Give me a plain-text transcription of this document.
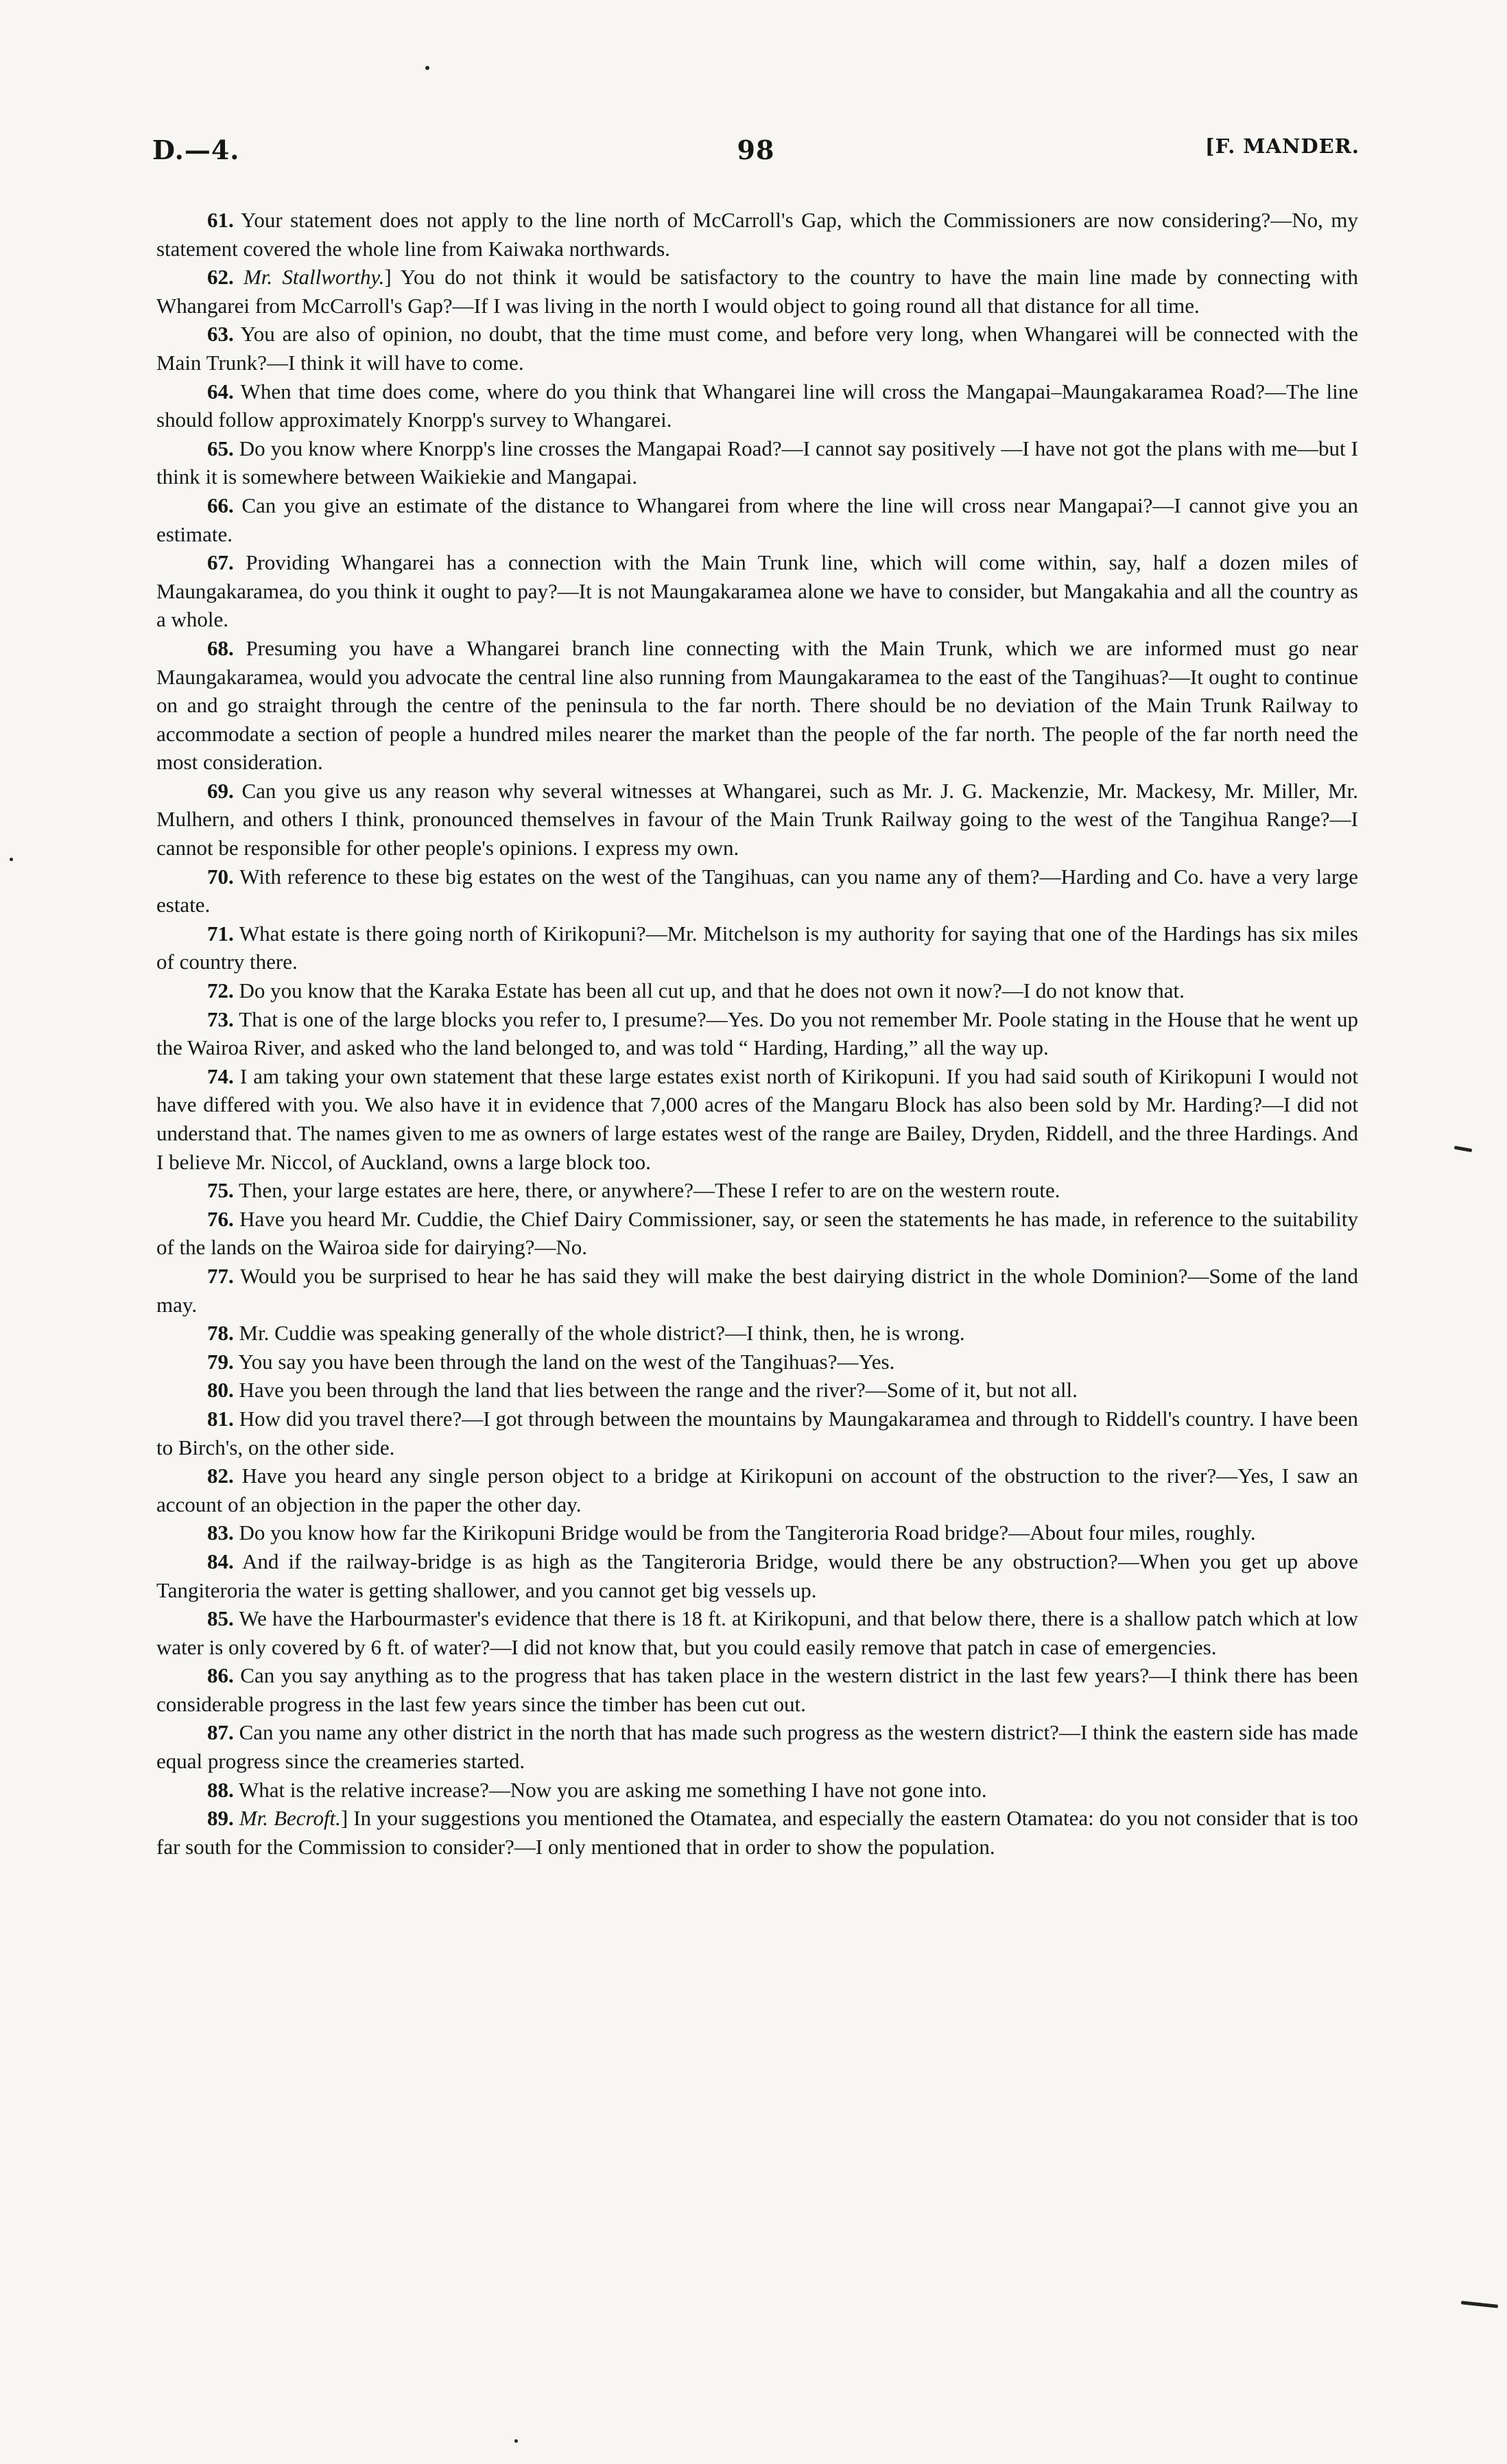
D.—4.	98	[F. MANDER.

61. Your statement does not apply to the line north of McCarroll's Gap, which the Commissioners are now considering?—No, my statement covered the whole line from Kaiwaka northwards.

62. Mr. Stallworthy.] You do not think it would be satisfactory to the country to have the main line made by connecting with Whangarei from McCarroll's Gap?—If I was living in the north I would object to going round all that distance for all time.

63. You are also of opinion, no doubt, that the time must come, and before very long, when Whangarei will be connected with the Main Trunk?—I think it will have to come.

64. When that time does come, where do you think that Whangarei line will cross the Mangapai–Maungakaramea Road?—The line should follow approximately Knorpp's survey to Whangarei.

65. Do you know where Knorpp's line crosses the Mangapai Road?—I cannot say positively —I have not got the plans with me—but I think it is somewhere between Waikiekie and Mangapai.

66. Can you give an estimate of the distance to Whangarei from where the line will cross near Mangapai?—I cannot give you an estimate.

67. Providing Whangarei has a connection with the Main Trunk line, which will come within, say, half a dozen miles of Maungakaramea, do you think it ought to pay?—It is not Maungakaramea alone we have to consider, but Mangakahia and all the country as a whole.

68. Presuming you have a Whangarei branch line connecting with the Main Trunk, which we are informed must go near Maungakaramea, would you advocate the central line also running from Maungakaramea to the east of the Tangihuas?—It ought to continue on and go straight through the centre of the peninsula to the far north. There should be no deviation of the Main Trunk Railway to accommodate a section of people a hundred miles nearer the market than the people of the far north. The people of the far north need the most consideration.

69. Can you give us any reason why several witnesses at Whangarei, such as Mr. J. G. Mackenzie, Mr. Mackesy, Mr. Miller, Mr. Mulhern, and others I think, pronounced themselves in favour of the Main Trunk Railway going to the west of the Tangihua Range?—I cannot be responsible for other people's opinions. I express my own.

70. With reference to these big estates on the west of the Tangihuas, can you name any of them?—Harding and Co. have a very large estate.

71. What estate is there going north of Kirikopuni?—Mr. Mitchelson is my authority for saying that one of the Hardings has six miles of country there.

72. Do you know that the Karaka Estate has been all cut up, and that he does not own it now?—I do not know that.

73. That is one of the large blocks you refer to, I presume?—Yes. Do you not remember Mr. Poole stating in the House that he went up the Wairoa River, and asked who the land belonged to, and was told “ Harding, Harding,” all the way up.

74. I am taking your own statement that these large estates exist north of Kirikopuni. If you had said south of Kirikopuni I would not have differed with you. We also have it in evidence that 7,000 acres of the Mangaru Block has also been sold by Mr. Harding?—I did not understand that. The names given to me as owners of large estates west of the range are Bailey, Dryden, Riddell, and the three Hardings. And I believe Mr. Niccol, of Auckland, owns a large block too.

75. Then, your large estates are here, there, or anywhere?—These I refer to are on the western route.

76. Have you heard Mr. Cuddie, the Chief Dairy Commissioner, say, or seen the statements he has made, in reference to the suitability of the lands on the Wairoa side for dairying?—No.

77. Would you be surprised to hear he has said they will make the best dairying district in the whole Dominion?—Some of the land may.

78. Mr. Cuddie was speaking generally of the whole district?—I think, then, he is wrong.

79. You say you have been through the land on the west of the Tangihuas?—Yes.

80. Have you been through the land that lies between the range and the river?—Some of it, but not all.

81. How did you travel there?—I got through between the mountains by Maungakaramea and through to Riddell's country. I have been to Birch's, on the other side.

82. Have you heard any single person object to a bridge at Kirikopuni on account of the obstruction to the river?—Yes, I saw an account of an objection in the paper the other day.

83. Do you know how far the Kirikopuni Bridge would be from the Tangiteroria Road bridge?—About four miles, roughly.

84. And if the railway-bridge is as high as the Tangiteroria Bridge, would there be any obstruction?—When you get up above Tangiteroria the water is getting shallower, and you cannot get big vessels up.

85. We have the Harbourmaster's evidence that there is 18 ft. at Kirikopuni, and that below there, there is a shallow patch which at low water is only covered by 6 ft. of water?—I did not know that, but you could easily remove that patch in case of emergencies.

86. Can you say anything as to the progress that has taken place in the western district in the last few years?—I think there has been considerable progress in the last few years since the timber has been cut out.

87. Can you name any other district in the north that has made such progress as the western district?—I think the eastern side has made equal progress since the creameries started.

88. What is the relative increase?—Now you are asking me something I have not gone into.

89. Mr. Becroft.] In your suggestions you mentioned the Otamatea, and especially the eastern Otamatea: do you not consider that is too far south for the Commission to consider?—I only mentioned that in order to show the population.
